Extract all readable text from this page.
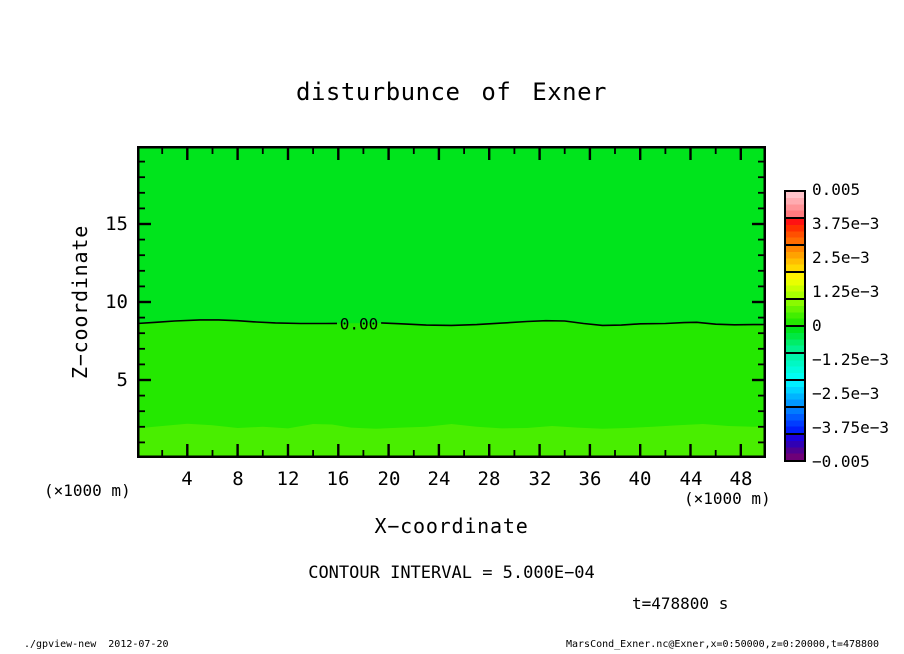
disturbunce of Exner
0.00
4	8	12	16	20	24	28	32	36	40	44	48
15
10
5
X−coordinate
Z−coordinate
(×1000 m)	(×1000 m)
CONTOUR INTERVAL = 5.000E−04
t=478800 s
0.005
3.75e−3
2.5e−3
1.25e−3
0
−1.25e−3
−2.5e−3
−3.75e−3
−0.005
./gpview-new  2012-07-20	MarsCond_Exner.nc@Exner,x=0:50000,z=0:20000,t=478800
